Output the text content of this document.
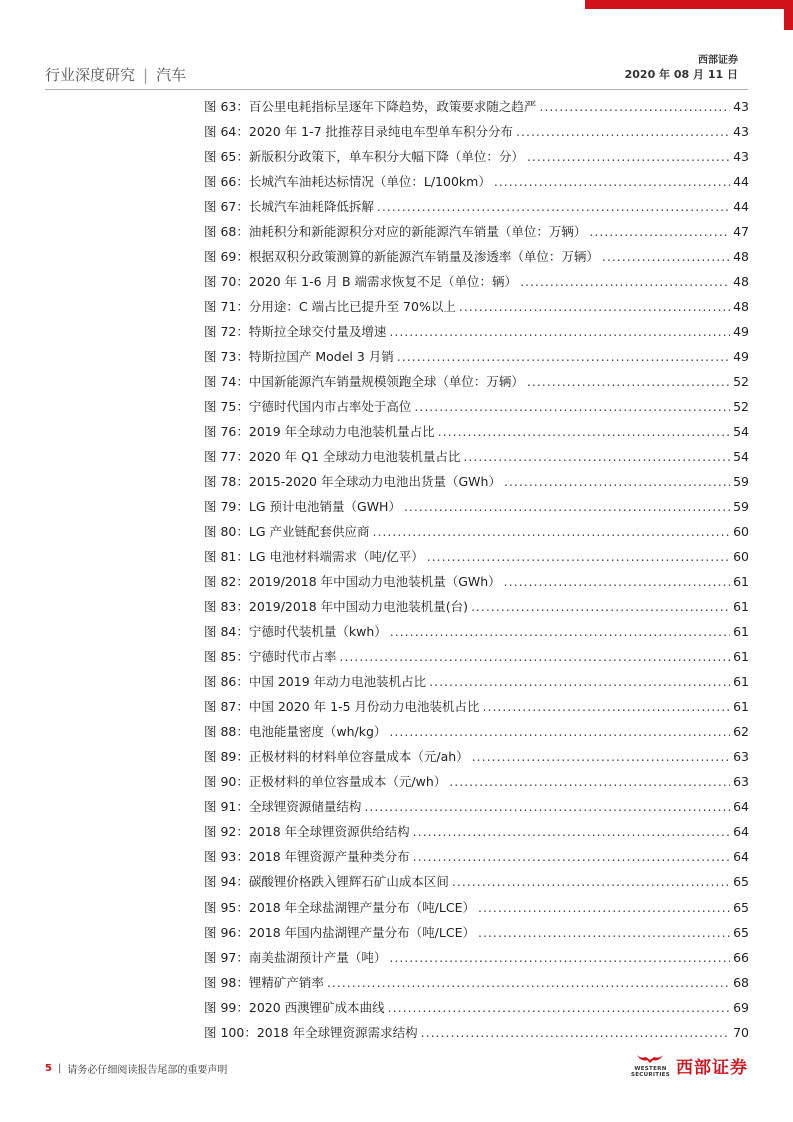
西部证券
2020 年 08 月 11 日
行业深度研究 | 汽车
图 63：百公里电耗指标呈逐年下降趋势，政策要求随之趋严 .....	43
图 64：2020 年 1-7 批推荐目录纯电车型单车积分分布 .....	43
图 65：新版积分政策下，单车积分大幅下降（单位：分） .....	43
图 66：长城汽车油耗达标情况（单位：L/100km） .....	44
图 67：长城汽车油耗降低拆解 .....	44
图 68：油耗积分和新能源积分对应的新能源汽车销量（单位：万辆） .....	47
图 69：根据双积分政策测算的新能源汽车销量及渗透率（单位：万辆） .....	48
图 70：2020 年 1-6 月 B 端需求恢复不足（单位：辆） .....	48
图 71：分用途：C 端占比已提升至 70%以上 .....	48
图 72：特斯拉全球交付量及增速 .....	49
图 73：特斯拉国产 Model 3 月销 .....	49
图 74：中国新能源汽车销量规模领跑全球（单位：万辆） .....	52
图 75：宁德时代国内市占率处于高位 .....	52
图 76：2019 年全球动力电池装机量占比 .....	54
图 77：2020 年 Q1 全球动力电池装机量占比 .....	54
图 78：2015-2020 年全球动力电池出货量（GWh） .....	59
图 79：LG 预计电池销量（GWH） .....	59
图 80：LG 产业链配套供应商 .....	60
图 81：LG 电池材料端需求（吨/亿平） .....	60
图 82：2019/2018 年中国动力电池装机量（GWh） .....	61
图 83：2019/2018 年中国动力电池装机量(台) .....	61
图 84：宁德时代装机量（kwh） .....	61
图 85：宁德时代市占率 .....	61
图 86：中国 2019 年动力电池装机占比 .....	61
图 87：中国 2020 年 1-5 月份动力电池装机占比 .....	61
图 88：电池能量密度（wh/kg） .....	62
图 89：正极材料的材料单位容量成本（元/ah） .....	63
图 90：正极材料的单位容量成本（元/wh） .....	63
图 91：全球锂资源储量结构 .....	64
图 92：2018 年全球锂资源供给结构 .....	64
图 93：2018 年锂资源产量种类分布 .....	64
图 94：碳酸锂价格跌入锂辉石矿山成本区间 .....	65
图 95：2018 年全球盐湖锂产量分布（吨/LCE） .....	65
图 96：2018 年国内盐湖锂产量分布（吨/LCE） .....	65
图 97：南美盐湖预计产量（吨） .....	66
图 98：锂精矿产销率 .....	68
图 99：2020 西澳锂矿成本曲线 .....	69
图 100：2018 年全球锂资源需求结构 .....	70
5 | 请务必仔细阅读报告尾部的重要声明	WESTERN
SECURITIES 西部证券
